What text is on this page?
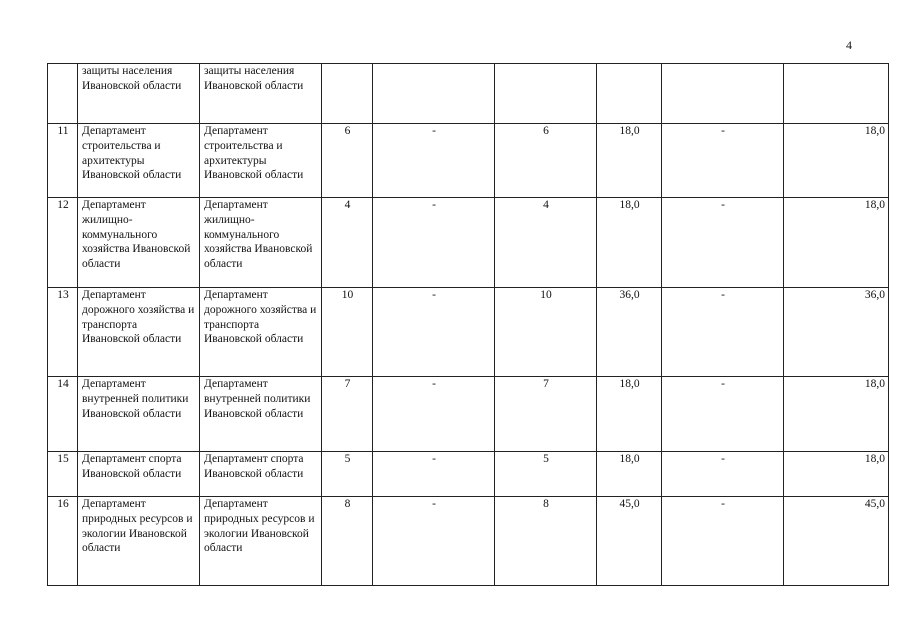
4
	защиты населения Ивановской области	защиты населения Ивановской области						
11	Департамент строительства и архитектуры Ивановской области	Департамент строительства и архитектуры Ивановской области	6	-	6	18,0	-	18,0
12	Департамент жилищно-коммунального хозяйства Ивановской области	Департамент жилищно-коммунального хозяйства Ивановской области	4	-	4	18,0	-	18,0
13	Департамент дорожного хозяйства и транспорта Ивановской области	Департамент дорожного хозяйства и транспорта Ивановской области	10	-	10	36,0	-	36,0
14	Департамент внутренней политики Ивановской области	Департамент внутренней политики Ивановской области	7	-	7	18,0	-	18,0
15	Департамент спорта Ивановской области	Департамент спорта Ивановской области	5	-	5	18,0	-	18,0
16	Департамент природных ресурсов и экологии Ивановской области	Департамент природных ресурсов и экологии Ивановской области	8	-	8	45,0	-	45,0
